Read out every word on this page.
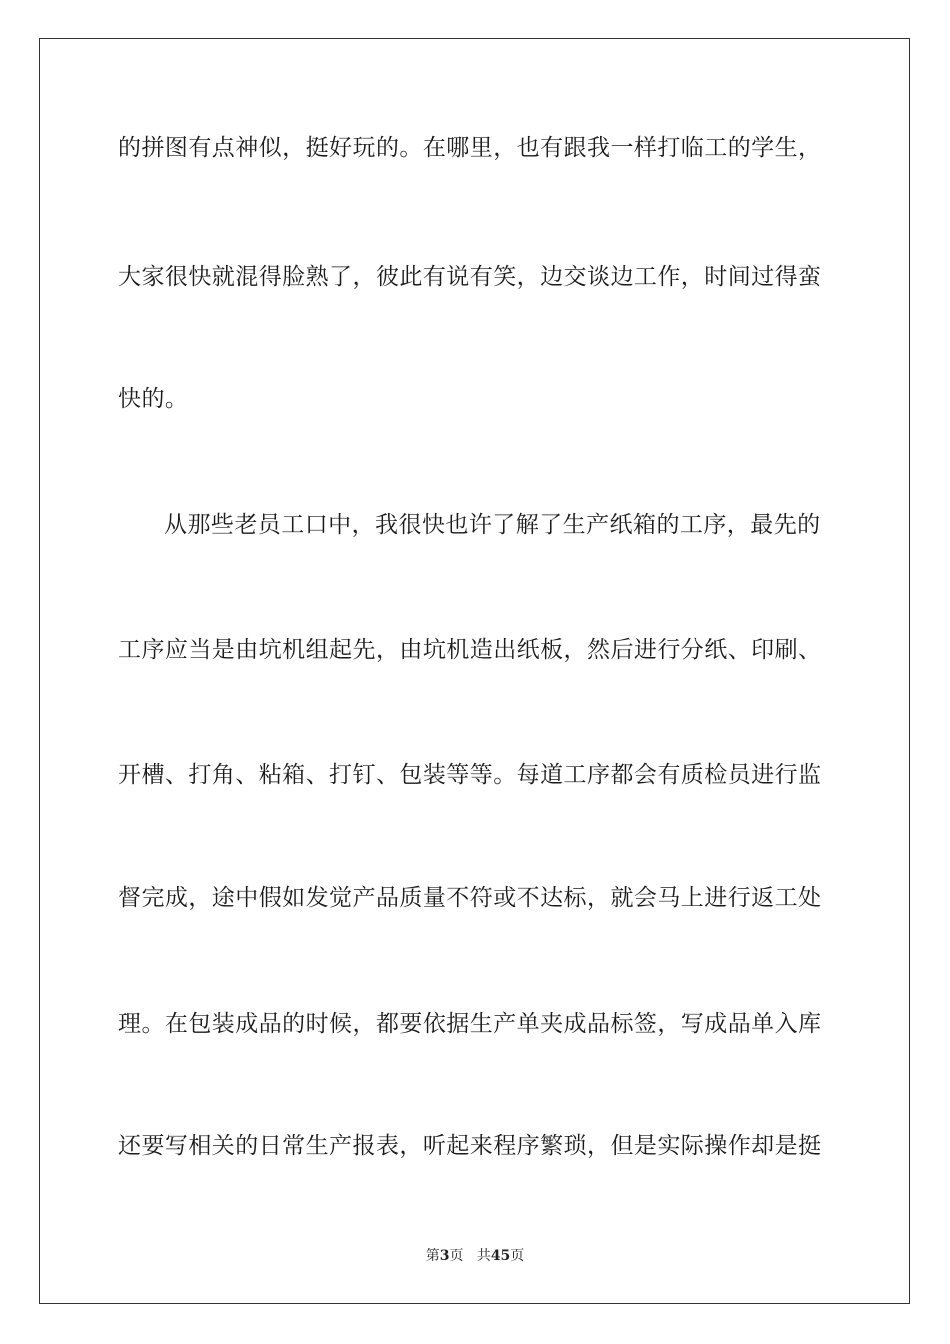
的拼图有点神似，挺好玩的。在哪里，也有跟我一样打临工的学生，
大家很快就混得脸熟了，彼此有说有笑，边交谈边工作，时间过得蛮
快的。
从那些老员工口中，我很快也许了解了生产纸箱的工序，最先的
工序应当是由坑机组起先，由坑机造出纸板，然后进行分纸、印刷、
开槽、打角、粘箱、打钉、包装等等。每道工序都会有质检员进行监
督完成，途中假如发觉产品质量不符或不达标，就会马上进行返工处
理。在包装成品的时候，都要依据生产单夹成品标签，写成品单入库
还要写相关的日常生产报表，听起来程序繁琐，但是实际操作却是挺
第3页 共45页
